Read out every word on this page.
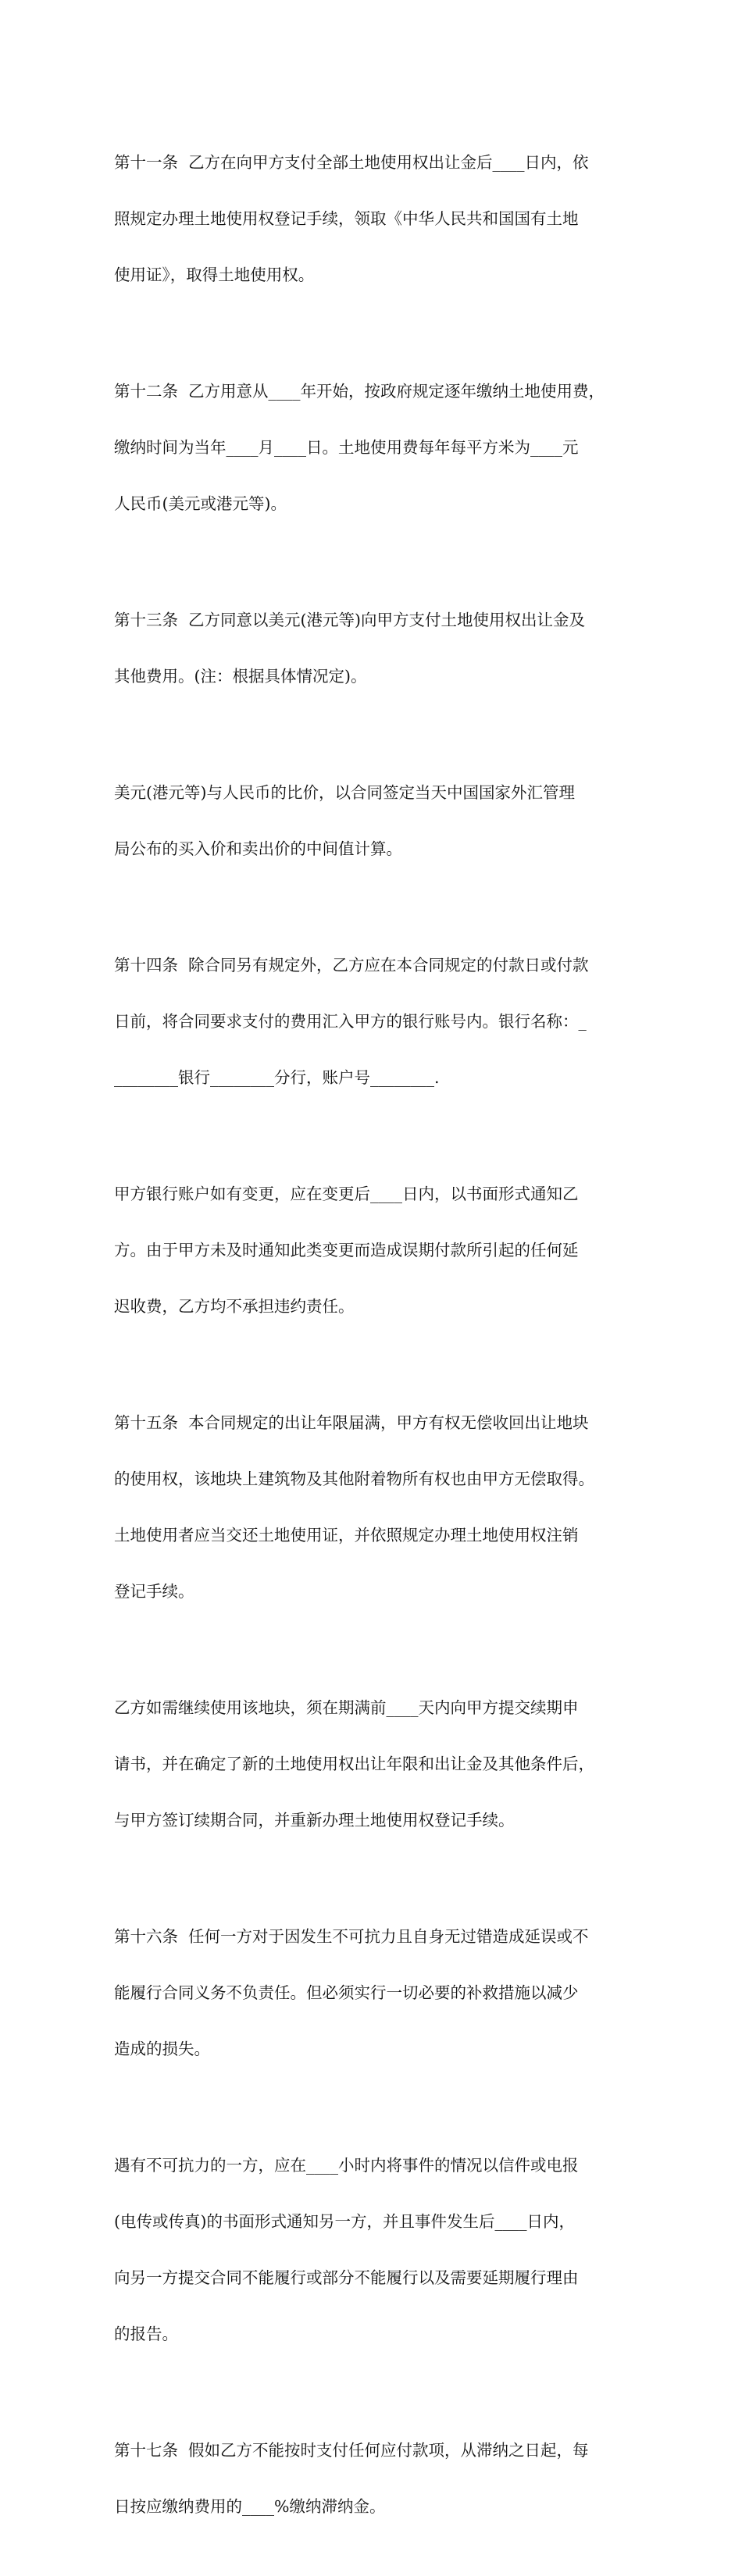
第十一条  乙方在向甲方支付全部土地使用权出让金后____日内，依

照规定办理土地使用权登记手续，领取《中华人民共和国国有土地

使用证》，取得土地使用权。

第十二条  乙方用意从____年开始，按政府规定逐年缴纳土地使用费，

缴纳时间为当年____月____日。土地使用费每年每平方米为____元

人民币(美元或港元等)。

第十三条  乙方同意以美元(港元等)向甲方支付土地使用权出让金及

其他费用。(注：根据具体情况定)。

美元(港元等)与人民币的比价，以合同签定当天中国国家外汇管理

局公布的买入价和卖出价的中间值计算。

第十四条  除合同另有规定外，乙方应在本合同规定的付款日或付款

日前，将合同要求支付的费用汇入甲方的银行账号内。银行名称：_

________银行________分行，账户号________.

甲方银行账户如有变更，应在变更后____日内，以书面形式通知乙

方。由于甲方未及时通知此类变更而造成误期付款所引起的任何延

迟收费，乙方均不承担违约责任。

第十五条  本合同规定的出让年限届满，甲方有权无偿收回出让地块

的使用权，该地块上建筑物及其他附着物所有权也由甲方无偿取得。

土地使用者应当交还土地使用证，并依照规定办理土地使用权注销

登记手续。

乙方如需继续使用该地块，须在期满前____天内向甲方提交续期申

请书，并在确定了新的土地使用权出让年限和出让金及其他条件后，

与甲方签订续期合同，并重新办理土地使用权登记手续。

第十六条  任何一方对于因发生不可抗力且自身无过错造成延误或不

能履行合同义务不负责任。但必须实行一切必要的补救措施以减少

造成的损失。

遇有不可抗力的一方，应在____小时内将事件的情况以信件或电报

(电传或传真)的书面形式通知另一方，并且事件发生后____日内，

向另一方提交合同不能履行或部分不能履行以及需要延期履行理由

的报告。

第十七条  假如乙方不能按时支付任何应付款项，从滞纳之日起，每

日按应缴纳费用的____%缴纳滞纳金。
